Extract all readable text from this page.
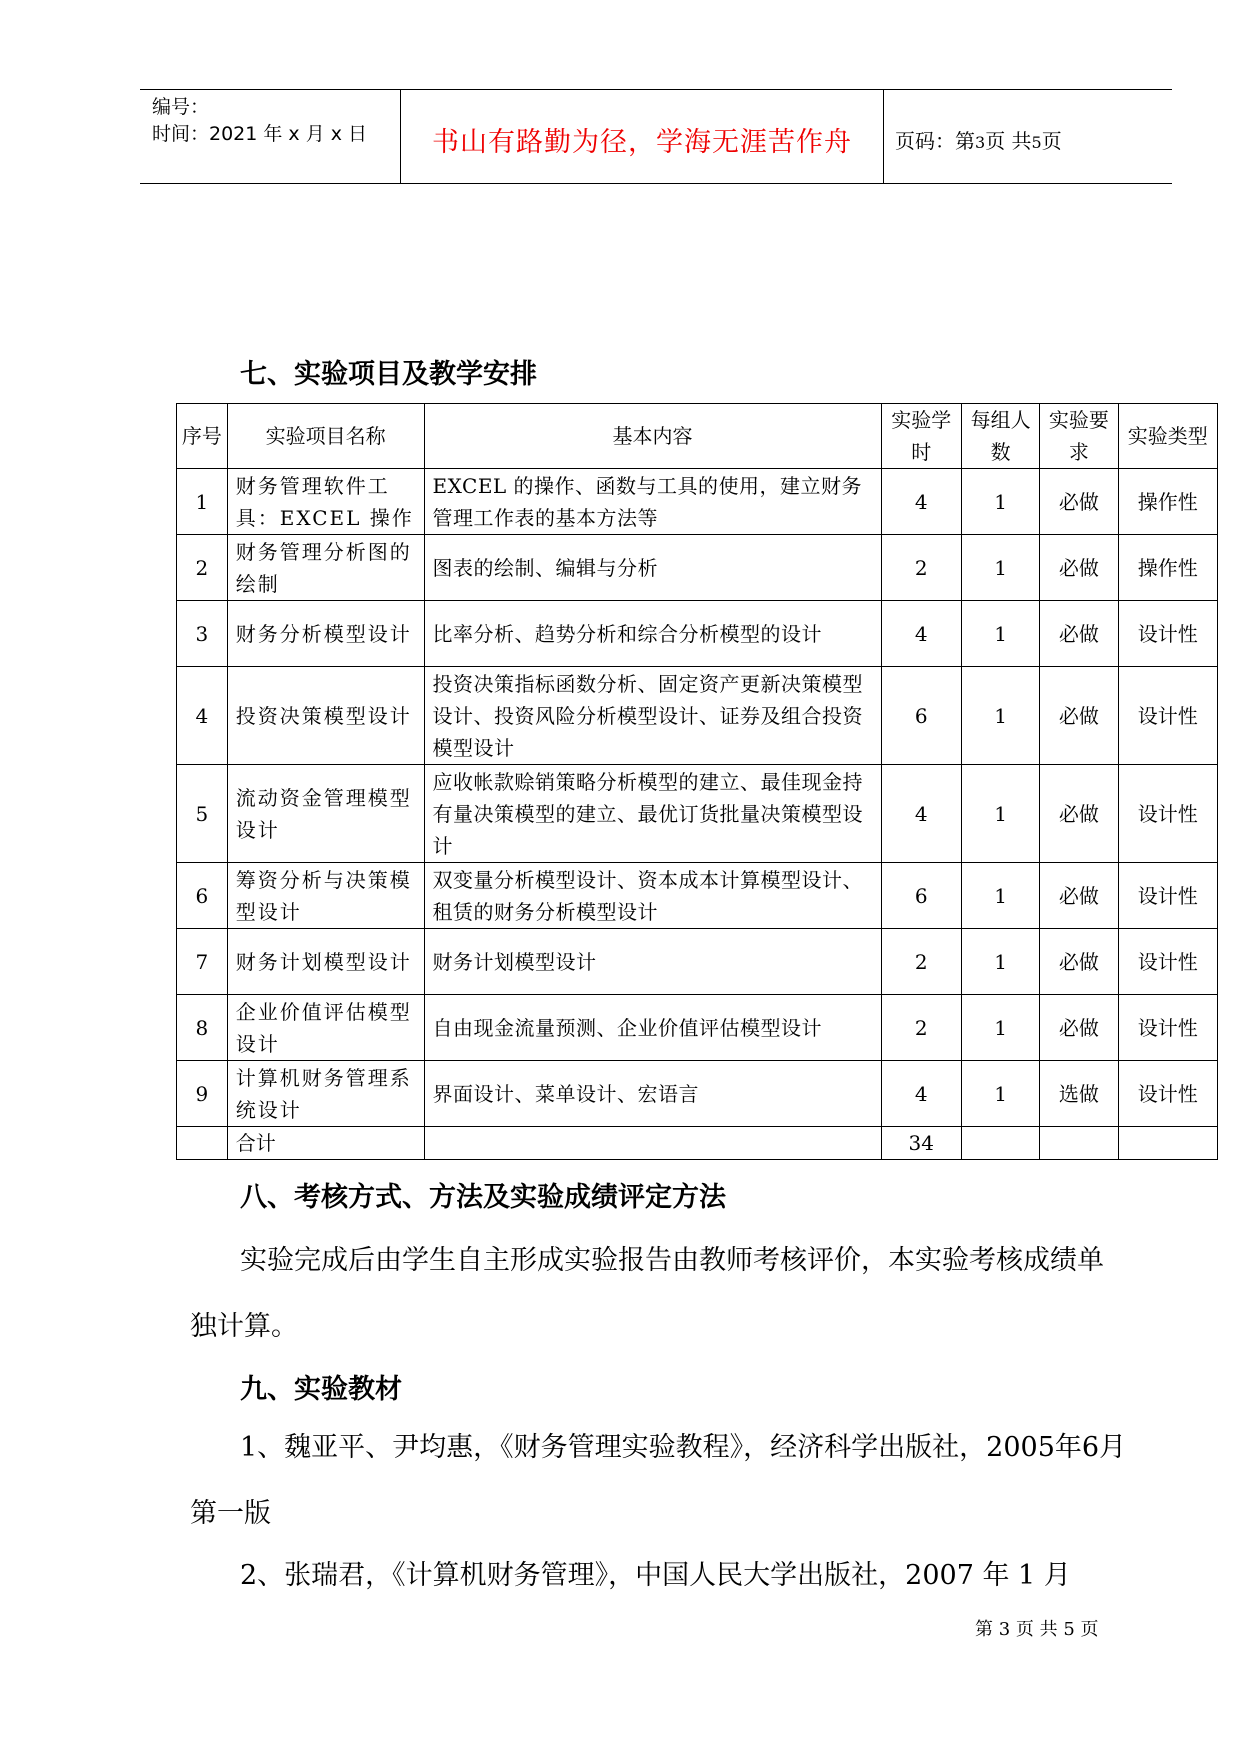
编号：
时间：2021 年 x 月 x 日	书山有路勤为径，学海无涯苦作舟	页码：第3页 共5页
七、实验项目及教学安排
序号	实验项目名称	基本内容	实验学时	每组人数	实验要求	实验类型
1	财务管理软件工具：EXCEL 操作	EXCEL 的操作、函数与工具的使用，建立财务管理工作表的基本方法等	4	1	必做	操作性
2	财务管理分析图的绘制	图表的绘制、编辑与分析	2	1	必做	操作性
3	财务分析模型设计	比率分析、趋势分析和综合分析模型的设计	4	1	必做	设计性
4	投资决策模型设计	投资决策指标函数分析、固定资产更新决策模型设计、投资风险分析模型设计、证券及组合投资模型设计	6	1	必做	设计性
5	流动资金管理模型设计	应收帐款赊销策略分析模型的建立、最佳现金持有量决策模型的建立、最优订货批量决策模型设计	4	1	必做	设计性
6	筹资分析与决策模型设计	双变量分析模型设计、资本成本计算模型设计、租赁的财务分析模型设计	6	1	必做	设计性
7	财务计划模型设计	财务计划模型设计	2	1	必做	设计性
8	企业价值评估模型设计	自由现金流量预测、企业价值评估模型设计	2	1	必做	设计性
9	计算机财务管理系统设计	界面设计、菜单设计、宏语言	4	1	选做	设计性
	合计		34			
八、考核方式、方法及实验成绩评定方法
实验完成后由学生自主形成实验报告由教师考核评价，本实验考核成绩单独计算。
九、实验教材
1、魏亚平、尹均惠，《财务管理实验教程》，经济科学出版社，2005年6月第一版
2、张瑞君，《计算机财务管理》，中国人民大学出版社，2007 年 1 月
第 3 页 共 5 页
